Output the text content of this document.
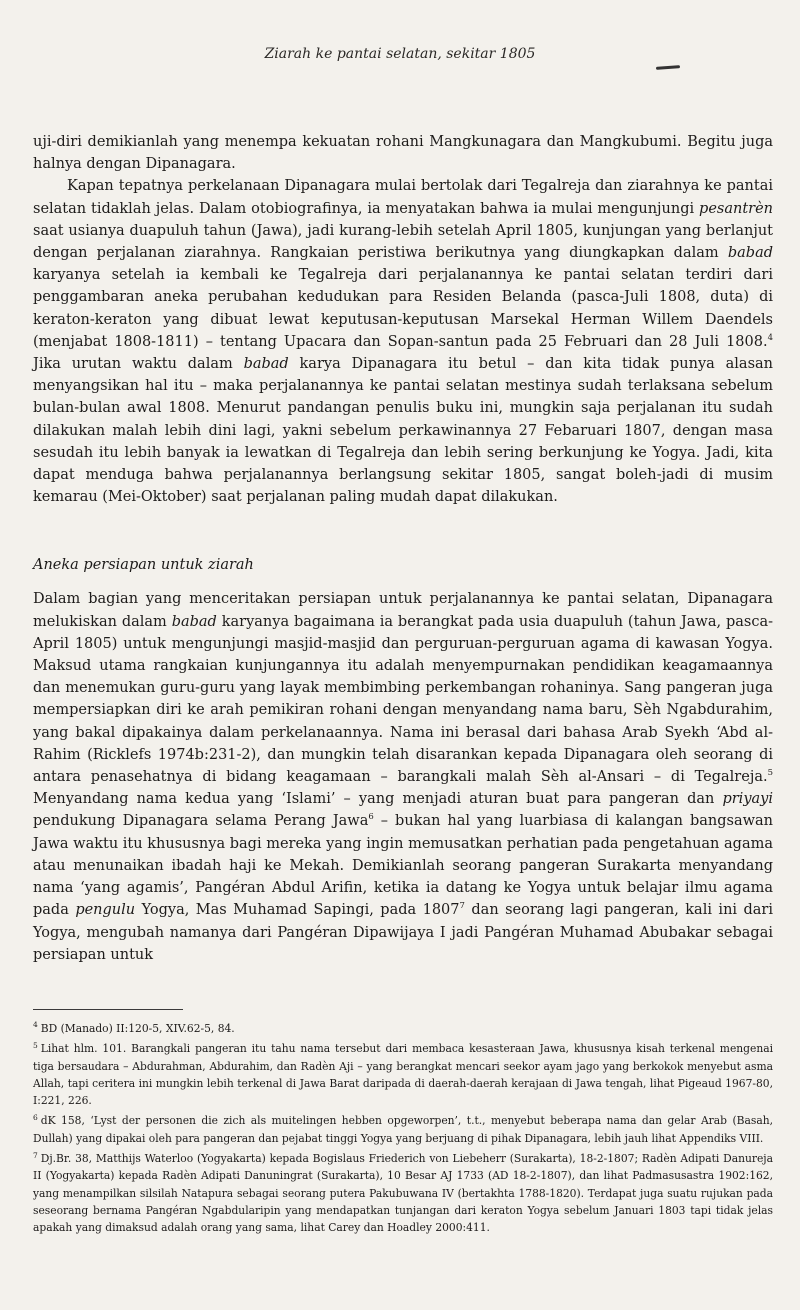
Ziarah ke pantai selatan, sekitar 1805

uji-diri demikianlah yang menempa kekuatan rohani Mangkunagara dan Mangkubumi. Begitu juga halnya dengan Dipanagara.

Kapan tepatnya perkelanaan Dipanagara mulai bertolak dari Tegalreja dan ziarahnya ke pantai selatan tidaklah jelas. Dalam otobiografinya, ia menyatakan bahwa ia mulai mengunjungi pesantrèn saat usianya duapuluh tahun (Jawa), jadi kurang-lebih setelah April 1805, kunjungan yang berlanjut dengan perjalanan ziarahnya. Rangkaian peristiwa berikutnya yang diungkapkan dalam babad karyanya setelah ia kembali ke Tegalreja dari perjalanannya ke pantai selatan terdiri dari penggambaran aneka perubahan kedudukan para Residen Belanda (pasca-Juli 1808, duta) di keraton-keraton yang dibuat lewat keputusan-keputusan Marsekal Herman Willem Daendels (menjabat 1808-1811) – tentang Upacara dan Sopan-santun pada 25 Februari dan 28 Juli 1808.$^4$ Jika urutan waktu dalam babad karya Dipanagara itu betul – dan kita tidak punya alasan menyangsikan hal itu – maka perjalanannya ke pantai selatan mestinya sudah terlaksana sebelum bulan-bulan awal 1808. Menurut pandangan penulis buku ini, mungkin saja perjalanan itu sudah dilakukan malah lebih dini lagi, yakni sebelum perkawinannya 27 Febaruari 1807, dengan masa sesudah itu lebih banyak ia lewatkan di Tegalreja dan lebih sering berkunjung ke Yogya. Jadi, kita dapat menduga bahwa perjalanannya berlangsung sekitar 1805, sangat boleh-jadi di musim kemarau (Mei-Oktober) saat perjalanan paling mudah dapat dilakukan.

Aneka persiapan untuk ziarah

Dalam bagian yang menceritakan persiapan untuk perjalanannya ke pantai selatan, Dipanagara melukiskan dalam babad karyanya bagaimana ia berangkat pada usia duapuluh (tahun Jawa, pasca-April 1805) untuk mengunjungi masjid-masjid dan perguruan-perguruan agama di kawasan Yogya. Maksud utama rangkaian kunjungannya itu adalah menyempurnakan pendidikan keagamaannya dan menemukan guru-guru yang layak membimbing perkembangan rohaninya. Sang pangeran juga mempersiapkan diri ke arah pemikiran rohani dengan menyandang nama baru, Sèh Ngabdurahim, yang bakal dipakainya dalam perkelanaannya. Nama ini berasal dari bahasa Arab Syekh ‘Abd al-Rahim (Ricklefs 1974b:231-2), dan mungkin telah disarankan kepada Dipanagara oleh seorang di antara penasehatnya di bidang keagamaan – barangkali malah Sèh al-Ansari – di Tegalreja.$^5$ Menyandang nama kedua yang ‘Islami’ – yang menjadi aturan buat para pangeran dan priyayi pendukung Dipanagara selama Perang Jawa$^6$ – bukan hal yang luarbiasa di kalangan bangsawan Jawa waktu itu khususnya bagi mereka yang ingin memusatkan perhatian pada pengetahuan agama atau menunaikan ibadah haji ke Mekah. Demikianlah seorang pangeran Surakarta menyandang nama ‘yang agamis’, Pangéran Abdul Arifin, ketika ia datang ke Yogya untuk belajar ilmu agama pada pengulu Yogya, Mas Muhamad Sapingi, pada 1807$^7$ dan seorang lagi pangeran, kali ini dari Yogya, mengubah namanya dari Pangéran Dipawijaya I jadi Pangéran Muhamad Abubakar sebagai persiapan untuk

$^4$ BD (Manado) II:120-5, XIV.62-5, 84.

$^5$ Lihat hlm. 101. Barangkali pangeran itu tahu nama tersebut dari membaca kesasteraan Jawa, khususnya kisah terkenal mengenai tiga bersaudara – Abdurahman, Abdurahim, dan Radèn Aji – yang berangkat mencari seekor ayam jago yang berkokok menyebut asma Allah, tapi ceritera ini mungkin lebih terkenal di Jawa Barat daripada di daerah-daerah kerajaan di Jawa tengah, lihat Pigeaud 1967-80, I:221, 226.

$^6$ dK 158, ‘Lyst der personen die zich als muitelingen hebben opgeworpen’, t.t., menyebut beberapa nama dan gelar Arab (Basah, Dullah) yang dipakai oleh para pangeran dan pejabat tinggi Yogya yang berjuang di pihak Dipanagara, lebih jauh lihat Appendiks VIII.

$^7$ Dj.Br. 38, Matthijs Waterloo (Yogyakarta) kepada Bogislaus Friederich von Liebeherr (Surakarta), 18-2-1807; Radèn Adipati Danureja II (Yogyakarta) kepada Radèn Adipati Danuningrat (Surakarta), 10 Besar AJ 1733 (AD 18-2-1807), dan lihat Padmasusastra 1902:162, yang menampilkan silsilah Natapura sebagai seorang putera Pakubuwana IV (bertakhta 1788-1820). Terdapat juga suatu rujukan pada seseorang bernama Pangéran Ngabdularipin yang mendapatkan tunjangan dari keraton Yogya sebelum Januari 1803 tapi tidak jelas apakah yang dimaksud adalah orang yang sama, lihat Carey dan Hoadley 2000:411.
